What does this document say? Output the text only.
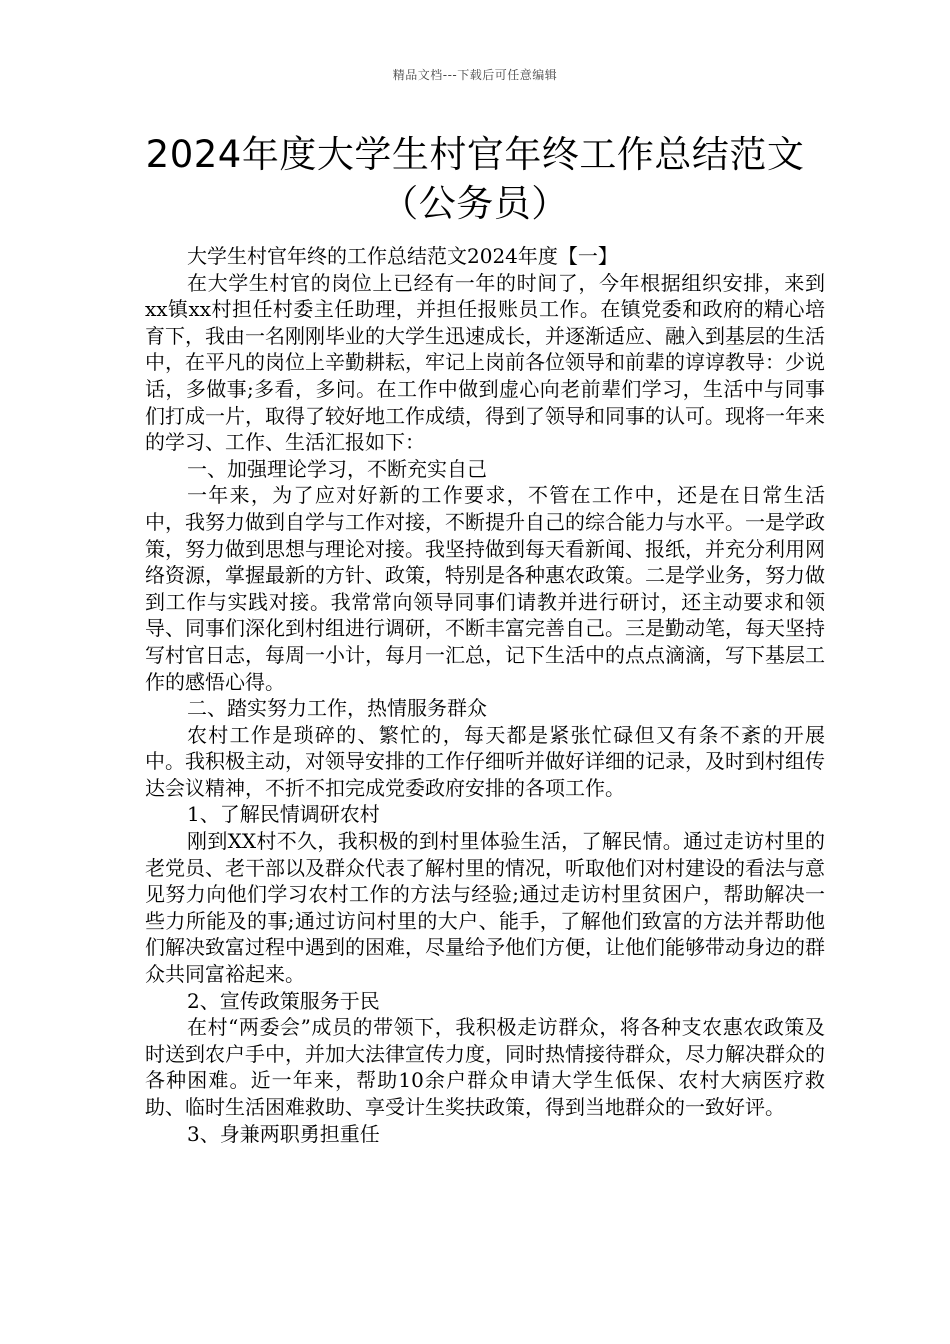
精品文档---下载后可任意编辑
2024年度大学生村官年终工作总结范文
（公务员）

大学生村官年终的工作总结范文2024年度【一】

在大学生村官的岗位上已经有一年的时间了，今年根据组织安排，来到xx镇xx村担任村委主任助理，并担任报账员工作。在镇党委和政府的精心培育下，我由一名刚刚毕业的大学生迅速成长，并逐渐适应、融入到基层的生活中，在平凡的岗位上辛勤耕耘，牢记上岗前各位领导和前辈的谆谆教导：少说话，多做事;多看，多问。在工作中做到虚心向老前辈们学习，生活中与同事们打成一片，取得了较好地工作成绩，得到了领导和同事的认可。现将一年来的学习、工作、生活汇报如下：

一、加强理论学习，不断充实自己

一年来，为了应对好新的工作要求，不管在工作中，还是在日常生活中，我努力做到自学与工作对接，不断提升自己的综合能力与水平。一是学政策，努力做到思想与理论对接。我坚持做到每天看新闻、报纸，并充分利用网络资源，掌握最新的方针、政策，特别是各种惠农政策。二是学业务，努力做到工作与实践对接。我常常向领导同事们请教并进行研讨，还主动要求和领导、同事们深化到村组进行调研，不断丰富完善自己。三是勤动笔，每天坚持写村官日志，每周一小计，每月一汇总，记下生活中的点点滴滴，写下基层工作的感悟心得。

二、踏实努力工作，热情服务群众

农村工作是琐碎的、繁忙的，每天都是紧张忙碌但又有条不紊的开展中。我积极主动，对领导安排的工作仔细听并做好详细的记录，及时到村组传达会议精神，不折不扣完成党委政府安排的各项工作。

1、了解民情调研农村

刚到XX村不久，我积极的到村里体验生活，了解民情。通过走访村里的老党员、老干部以及群众代表了解村里的情况，听取他们对村建设的看法与意见努力向他们学习农村工作的方法与经验;通过走访村里贫困户，帮助解决一些力所能及的事;通过访问村里的大户、能手，了解他们致富的方法并帮助他们解决致富过程中遇到的困难，尽量给予他们方便，让他们能够带动身边的群众共同富裕起来。

2、宣传政策服务于民

在村“两委会”成员的带领下，我积极走访群众，将各种支农惠农政策及时送到农户手中，并加大法律宣传力度，同时热情接待群众，尽力解决群众的各种困难。近一年来，帮助10余户群众申请大学生低保、农村大病医疗救助、临时生活困难救助、享受计生奖扶政策，得到当地群众的一致好评。

3、身兼两职勇担重任
